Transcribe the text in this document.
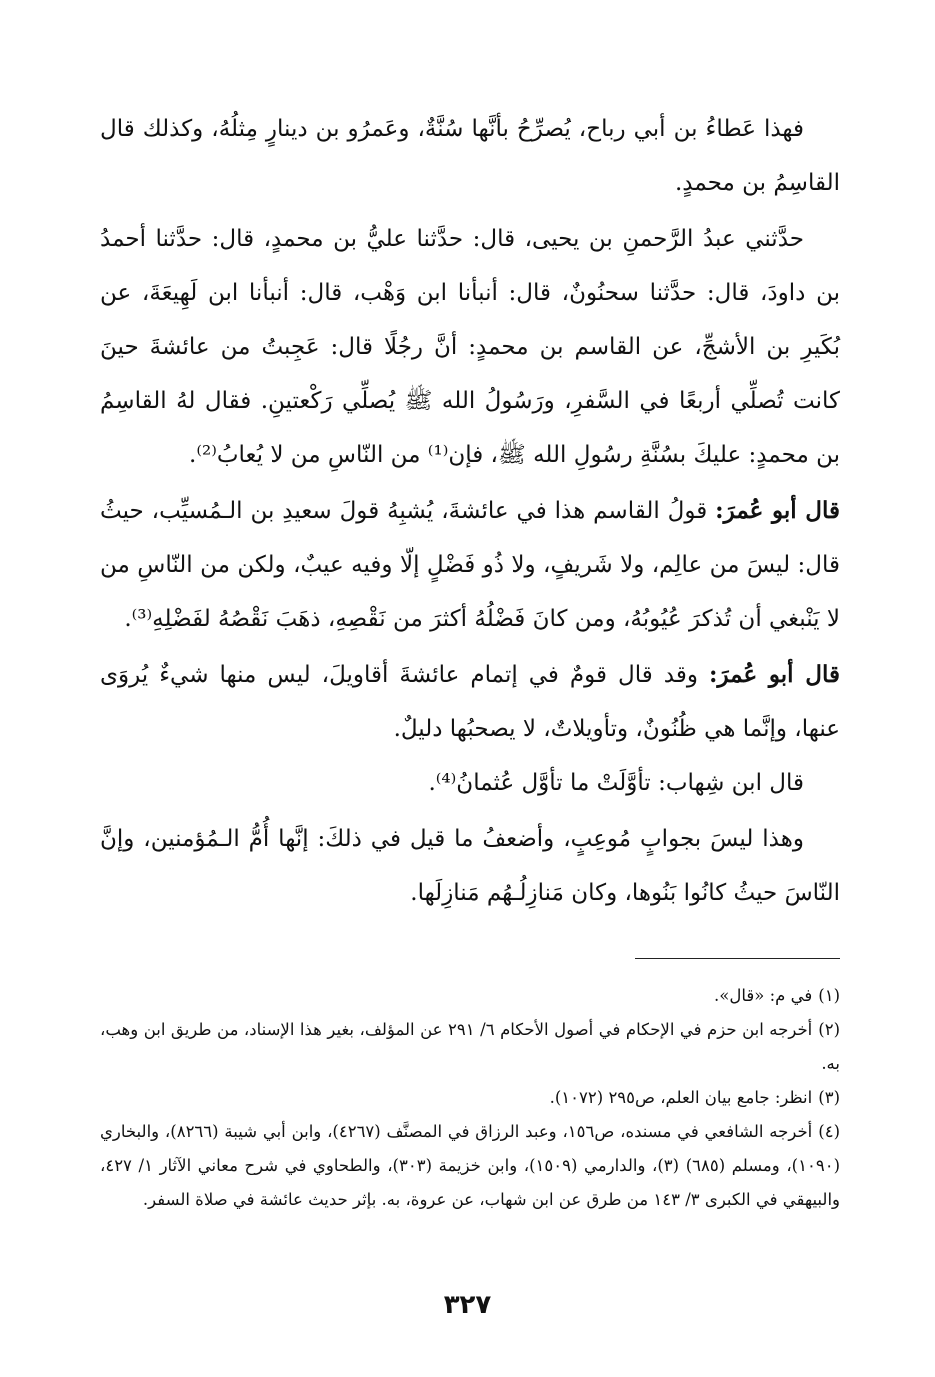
فهذا عَطاءُ بن أبي رباح، يُصرِّحُ بأنَّها سُنَّةٌ، وعَمرُو بن دينارٍ مِثلُهُ، وكذلك قال القاسِمُ بن محمدٍ.

حدَّثني عبدُ الرَّحمنِ بن يحيى، قال: حدَّثنا عليُّ بن محمدٍ، قال: حدَّثنا أحمدُ بن داودَ، قال: حدَّثنا سحنُونٌ، قال: أنبأنا ابن وَهْب، قال: أنبأنا ابن لَهِيعَةَ، عن بُكَيرِ بن الأشجِّ، عن القاسم بن محمدٍ: أنَّ رجُلًا قال: عَجِبتُ من عائشةَ حينَ كانت تُصلِّي أربعًا في السَّفرِ، ورَسُولُ الله ﷺ يُصلِّي رَكْعتينِ. فقال لهُ القاسِمُ بن محمدٍ: عليكَ بسُنَّةِ رسُولِ الله ﷺ، فإن⁽¹⁾ من النّاسِ من لا يُعابُ⁽²⁾.

قال أبو عُمرَ: قولُ القاسم هذا في عائشةَ، يُشبِهُ قولَ سعيدِ بن الـمُسيِّب، حيثُ قال: ليسَ من عالِم، ولا شَريفٍ، ولا ذُو فَضْلٍ إلّا وفيه عيبٌ، ولكن من النّاسِ من لا يَنْبغي أن تُذكرَ عُيُوبُهُ، ومن كانَ فَضْلُهُ أكثرَ من نَقْصِهِ، ذهَبَ نَقْصُهُ لفَضْلِهِ⁽³⁾.

قال أبو عُمرَ: وقد قال قومٌ في إتمام عائشةَ أقاويلَ، ليس منها شيءٌ يُروَى عنها، وإنَّما هي ظُنُونٌ، وتأويلاتٌ، لا يصحبُها دليلٌ.

قال ابن شِهاب: تأوَّلَتْ ما تأوَّل عُثمانُ⁽⁴⁾.

وهذا ليسَ بجوابٍ مُوعِبٍ، وأضعفُ ما قيل في ذلكَ: إنَّها أُمُّ الـمُؤمنين، وإنَّ النّاسَ حيثُ كانُوا بَنُوها، وكان مَنازِلُـهُم مَنازِلَها.

(١)في م: «قال».

(٢)أخرجه ابن حزم في الإحكام في أصول الأحكام ٦/ ٢٩١ عن المؤلف، بغير هذا الإسناد، من طريق ابن وهب، به.

(٣)انظر: جامع بيان العلم، ص٢٩٥ (١٠٧٢).

(٤)أخرجه الشافعي في مسنده، ص١٥٦، وعبد الرزاق في المصنَّف (٤٢٦٧)، وابن أبي شيبة (٨٢٦٦)، والبخاري (١٠٩٠)، ومسلم (٦٨٥) (٣)، والدارمي (١٥٠٩)، وابن خزيمة (٣٠٣)، والطحاوي في شرح معاني الآثار ١/ ٤٢٧، والبيهقي في الكبرى ٣/ ١٤٣ من طرق عن ابن شهاب، عن عروة، به. بإثر حديث عائشة في صلاة السفر.

٣٢٧
